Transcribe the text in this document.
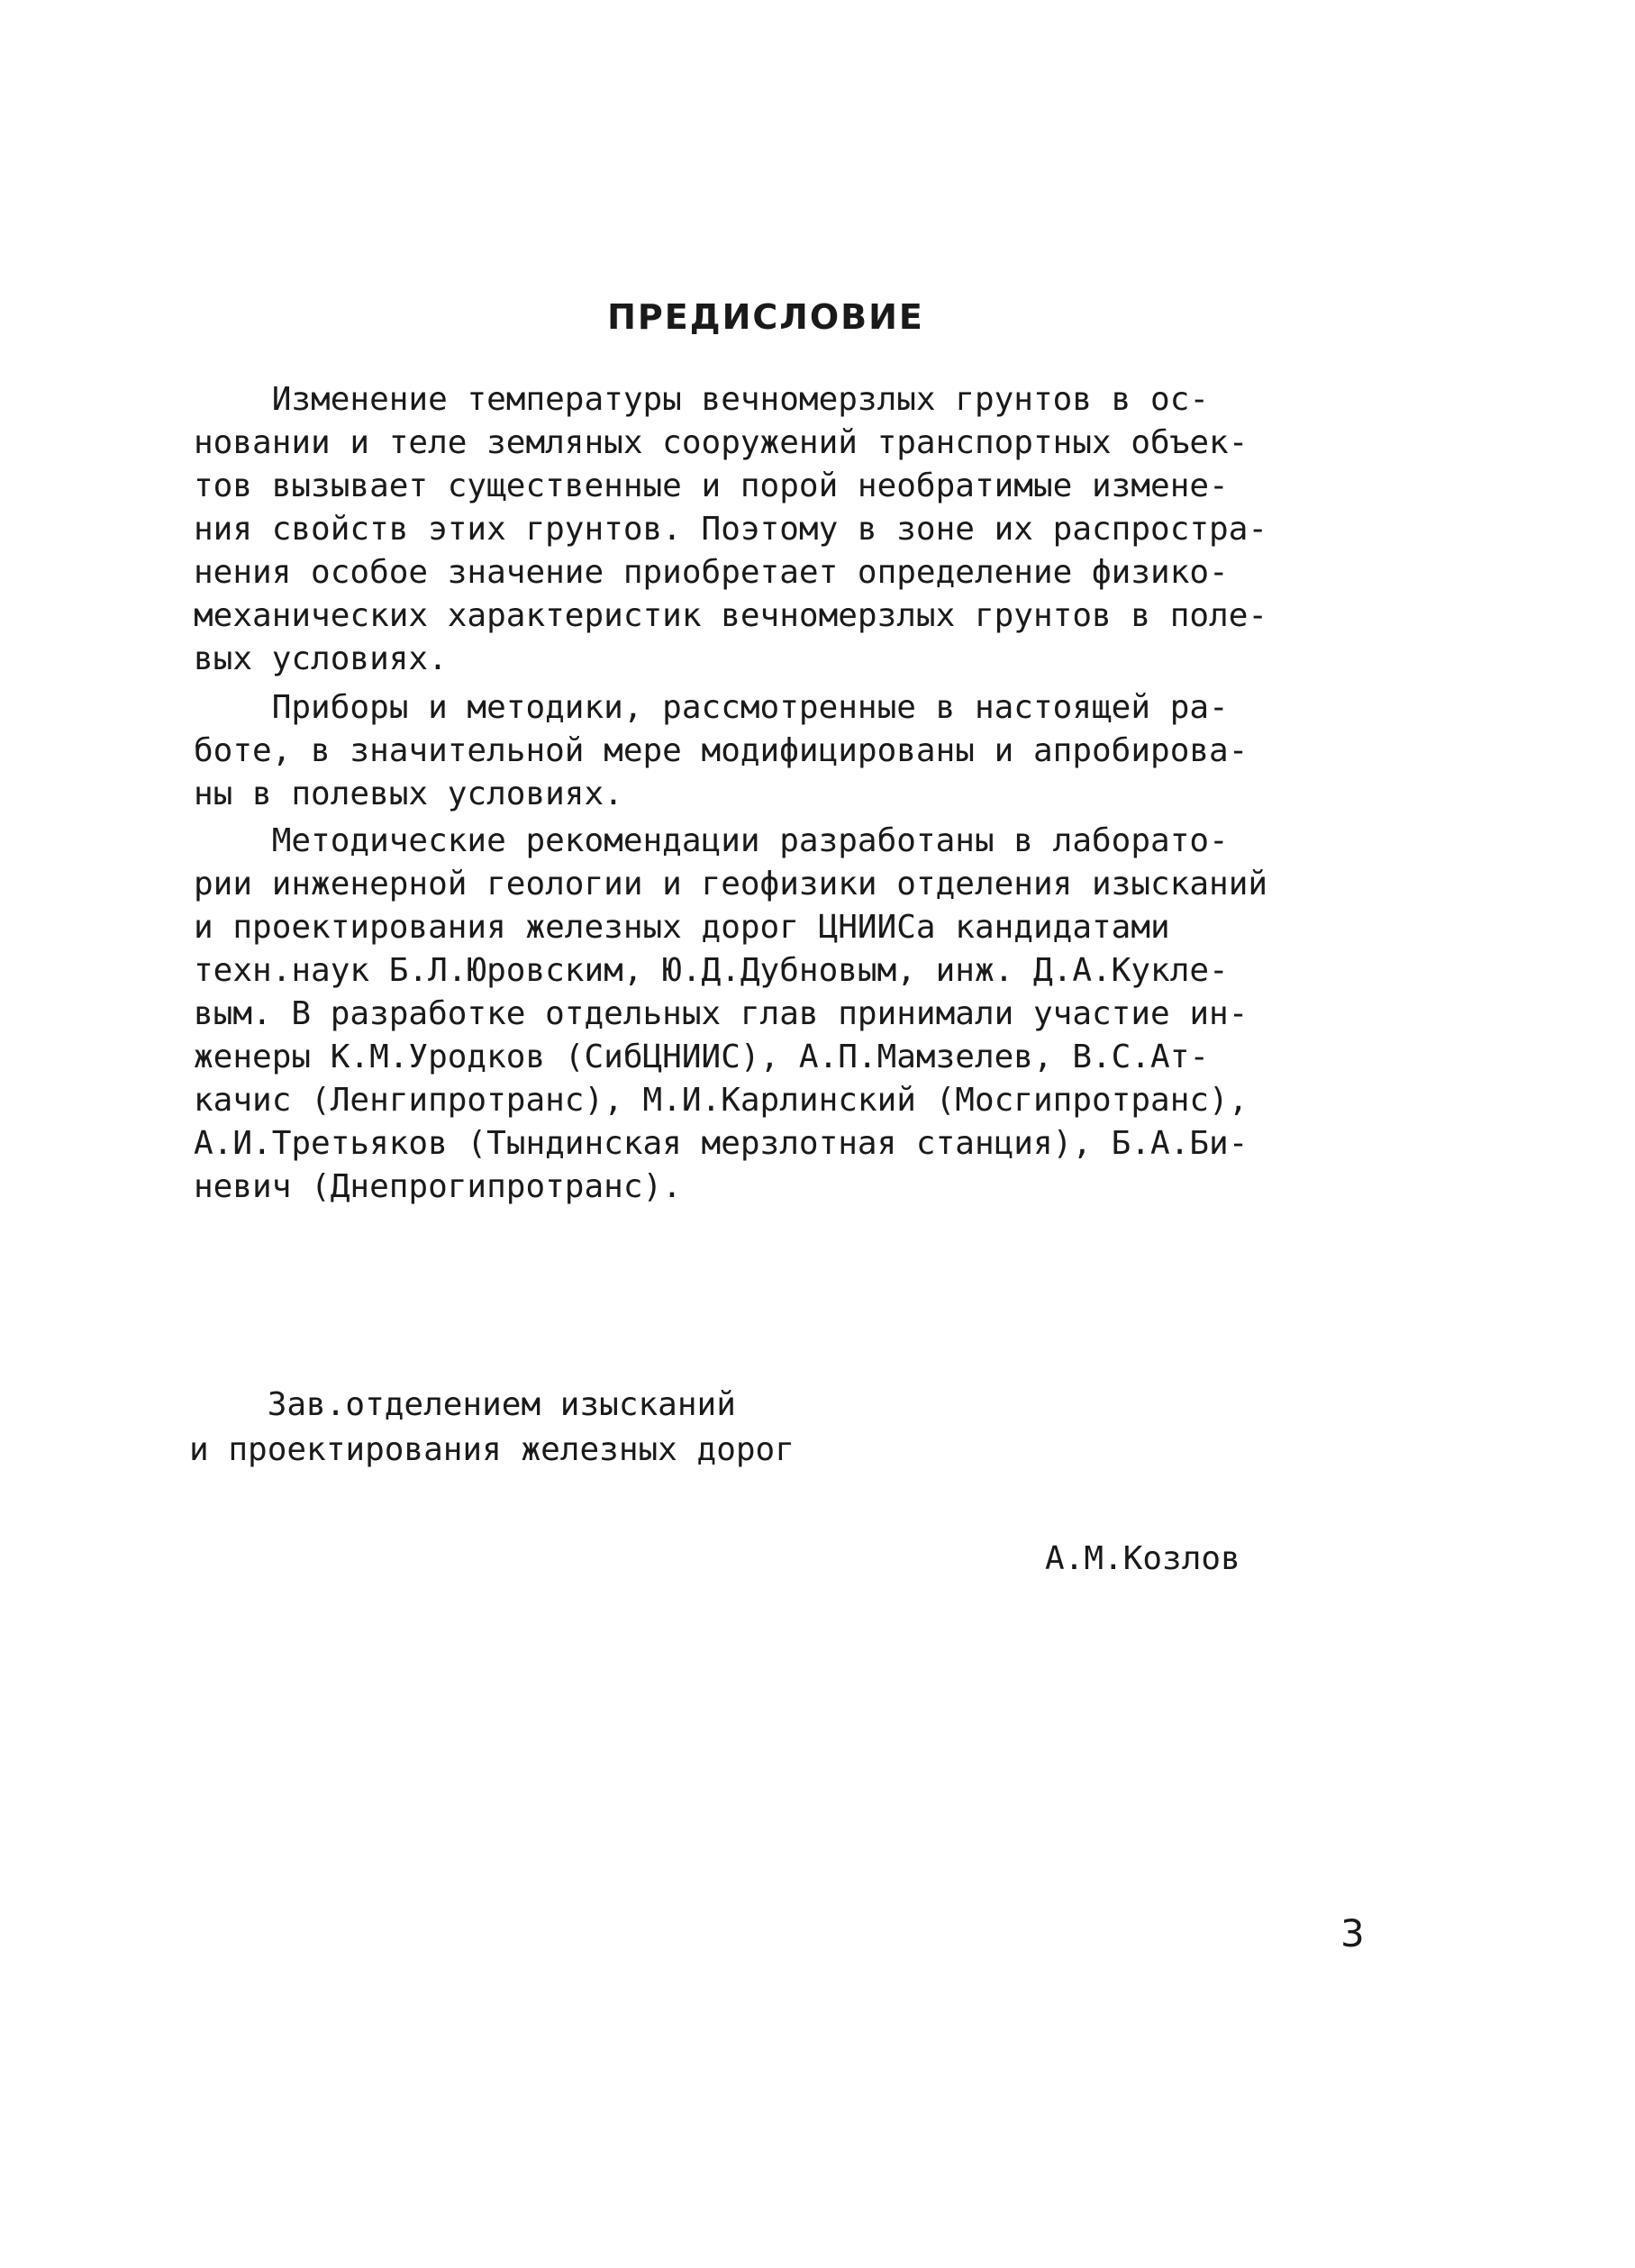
ПРЕДИСЛОВИЕ
Изменение температуры вечномерзлых грунтов в ос-
новании и теле земляных сооружений транспортных объек-
тов вызывает существенные и порой необратимые измене-
ния свойств этих грунтов. Поэтому в зоне их распростра-
нения особое значение приобретает определение физико-
механических характеристик вечномерзлых грунтов в поле-
вых условиях.
Приборы и методики, рассмотренные в настоящей ра-
боте, в значительной мере модифицированы и апробирова-
ны в полевых условиях.
Методические рекомендации разработаны в лаборато-
рии инженерной геологии и геофизики отделения изысканий
и проектирования железных дорог ЦНИИСа кандидатами
техн.наук Б.Л.Юровским, Ю.Д.Дубновым, инж. Д.А.Кукле-
вым. В разработке отдельных глав принимали участие ин-
женеры К.М.Уродков (СибЦНИИС), А.П.Мамзелев, В.С.Ат-
качис (Ленгипротранс), М.И.Карлинский (Мосгипротранс),
А.И.Третьяков (Тындинская мерзлотная станция), Б.А.Би-
невич (Днепрогипротранс).
Зав.отделением изысканий
и проектирования железных дорог
А.М.Козлов
3
